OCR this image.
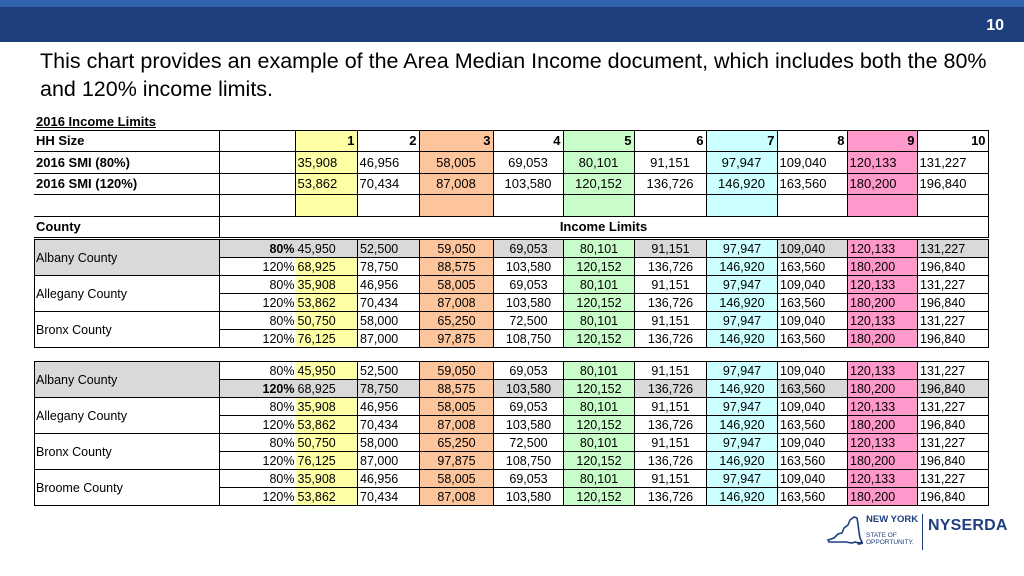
10
This chart provides an example of the Area Median Income document, which includes both the 80% and 120% income limits.
2016 Income Limits											
HH Size		1	2	3	4	5	6	7	8	9	10
2016 SMI (80%)		35,908	46,956	58,005	69,053	80,101	91,151	97,947	109,040	120,133	131,227
2016 SMI (120%)		53,862	70,434	87,008	103,580	120,152	136,726	146,920	163,560	180,200	196,840

County	Income Limits										
Albany County	80%	45,950	52,500	59,050	69,053	80,101	91,151	97,947	109,040	120,133	131,227
	120%	68,925	78,750	88,575	103,580	120,152	136,726	146,920	163,560	180,200	196,840
Allegany County	80%	35,908	46,956	58,005	69,053	80,101	91,151	97,947	109,040	120,133	131,227
	120%	53,862	70,434	87,008	103,580	120,152	136,726	146,920	163,560	180,200	196,840
Bronx County	80%	50,750	58,000	65,250	72,500	80,101	91,151	97,947	109,040	120,133	131,227
	120%	76,125	87,000	97,875	108,750	120,152	136,726	146,920	163,560	180,200	196,840
Albany County	80%	45,950	52,500	59,050	69,053	80,101	91,151	97,947	109,040	120,133	131,227
	120%	68,925	78,750	88,575	103,580	120,152	136,726	146,920	163,560	180,200	196,840
Allegany County	80%	35,908	46,956	58,005	69,053	80,101	91,151	97,947	109,040	120,133	131,227
	120%	53,862	70,434	87,008	103,580	120,152	136,726	146,920	163,560	180,200	196,840
Bronx County	80%	50,750	58,000	65,250	72,500	80,101	91,151	97,947	109,040	120,133	131,227
	120%	76,125	87,000	97,875	108,750	120,152	136,726	146,920	163,560	180,200	196,840
Broome County	80%	35,908	46,956	58,005	69,053	80,101	91,151	97,947	109,040	120,133	131,227
	120%	53,862	70,434	87,008	103,580	120,152	136,726	146,920	163,560	180,200	196,840
NEW YORK
STATE OF
OPPORTUNITY.
NYSERDA
